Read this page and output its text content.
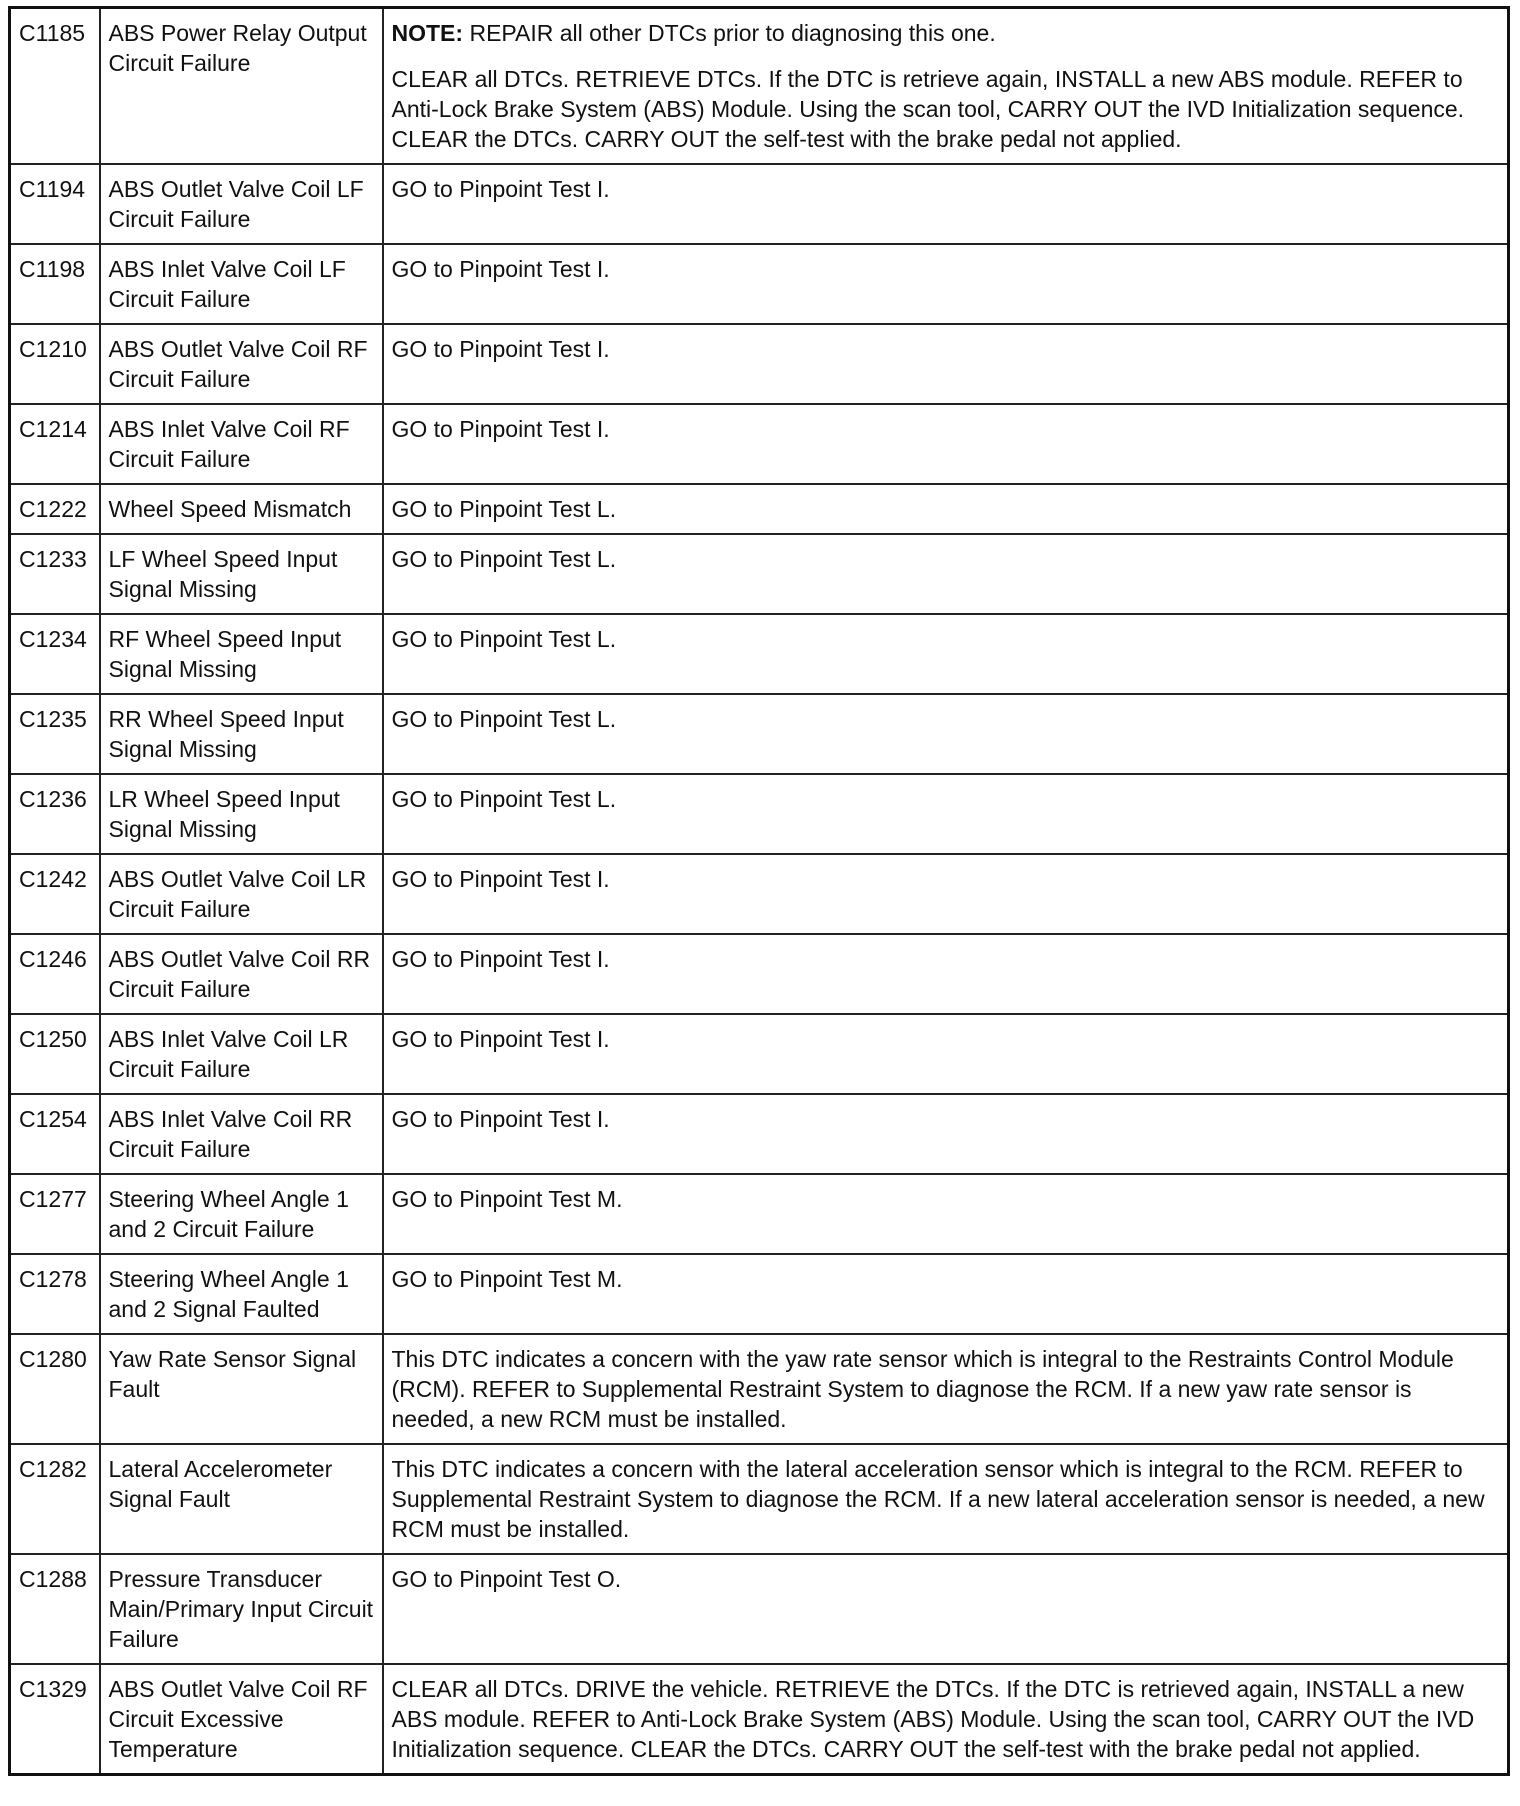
C1185	ABS Power Relay Output Circuit Failure	NOTE: REPAIR all other DTCs prior to diagnosing this one.

CLEAR all DTCs. RETRIEVE DTCs. If the DTC is retrieve again, INSTALL a new ABS module. REFER to Anti-Lock Brake System (ABS) Module. Using the scan tool, CARRY OUT the IVD Initialization sequence. CLEAR the DTCs. CARRY OUT the self-test with the brake pedal not applied.

C1194	ABS Outlet Valve Coil LF Circuit Failure	GO to Pinpoint Test I.
C1198	ABS Inlet Valve Coil LF Circuit Failure	GO to Pinpoint Test I.
C1210	ABS Outlet Valve Coil RF Circuit Failure	GO to Pinpoint Test I.
C1214	ABS Inlet Valve Coil RF Circuit Failure	GO to Pinpoint Test I.
C1222	Wheel Speed Mismatch	GO to Pinpoint Test L.
C1233	LF Wheel Speed Input Signal Missing	GO to Pinpoint Test L.
C1234	RF Wheel Speed Input Signal Missing	GO to Pinpoint Test L.
C1235	RR Wheel Speed Input Signal Missing	GO to Pinpoint Test L.
C1236	LR Wheel Speed Input Signal Missing	GO to Pinpoint Test L.
C1242	ABS Outlet Valve Coil LR Circuit Failure	GO to Pinpoint Test I.
C1246	ABS Outlet Valve Coil RR Circuit Failure	GO to Pinpoint Test I.
C1250	ABS Inlet Valve Coil LR Circuit Failure	GO to Pinpoint Test I.
C1254	ABS Inlet Valve Coil RR Circuit Failure	GO to Pinpoint Test I.
C1277	Steering Wheel Angle 1 and 2 Circuit Failure	GO to Pinpoint Test M.
C1278	Steering Wheel Angle 1 and 2 Signal Faulted	GO to Pinpoint Test M.
C1280	Yaw Rate Sensor Signal Fault	This DTC indicates a concern with the yaw rate sensor which is integral to the Restraints Control Module (RCM). REFER to Supplemental Restraint System to diagnose the RCM. If a new yaw rate sensor is needed, a new RCM must be installed.
C1282	Lateral Accelerometer Signal Fault	This DTC indicates a concern with the lateral acceleration sensor which is integral to the RCM. REFER to Supplemental Restraint System to diagnose the RCM. If a new lateral acceleration sensor is needed, a new RCM must be installed.
C1288	Pressure Transducer Main/Primary Input Circuit Failure	GO to Pinpoint Test O.
C1329	ABS Outlet Valve Coil RF Circuit Excessive Temperature	CLEAR all DTCs. DRIVE the vehicle. RETRIEVE the DTCs. If the DTC is retrieved again, INSTALL a new ABS module. REFER to Anti-Lock Brake System (ABS) Module. Using the scan tool, CARRY OUT the IVD Initialization sequence. CLEAR the DTCs. CARRY OUT the self-test with the brake pedal not applied.
